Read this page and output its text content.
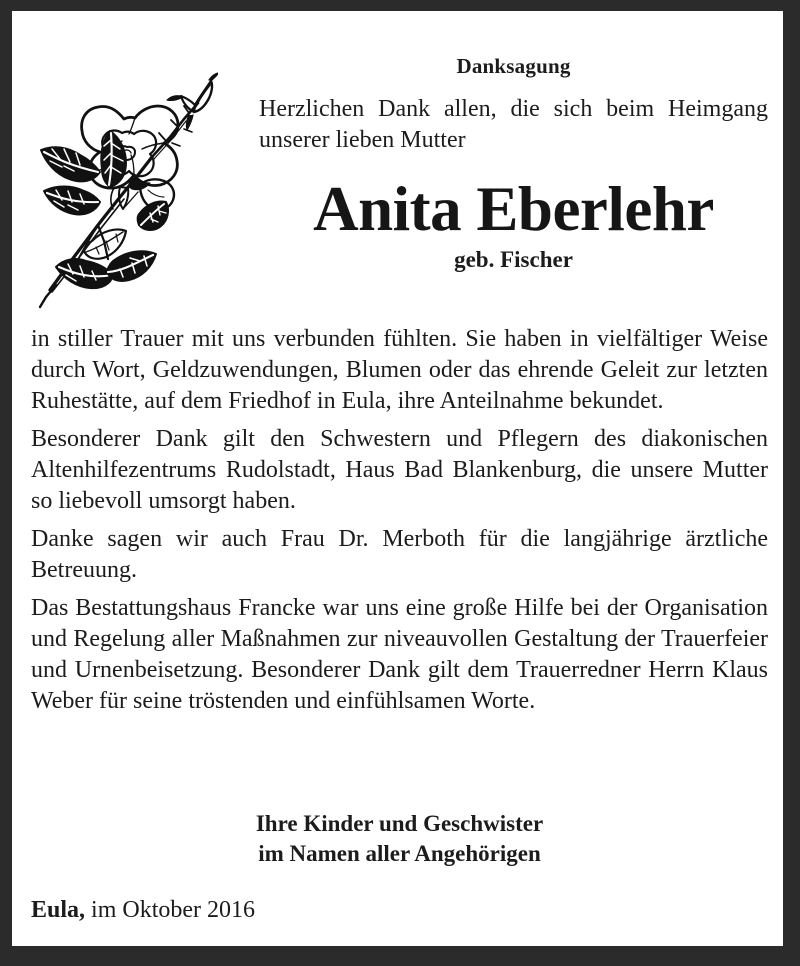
Danksagung
Herzlichen Dank allen, die sich beim Heimgang unserer lieben Mutter
Anita Eberlehr
geb. Fischer

in stiller Trauer mit uns verbunden fühlten. Sie haben in vielfältiger Weise durch Wort, Geldzuwendungen, Blumen oder das ehrende Geleit zur letzten Ruhestätte, auf dem Friedhof in Eula, ihre Anteilnahme bekundet.

Besonderer Dank gilt den Schwestern und Pflegern des diakonischen Altenhilfezentrums Rudolstadt, Haus Bad Blankenburg, die unsere Mutter so liebevoll umsorgt haben.

Danke sagen wir auch Frau Dr. Merboth für die langjährige ärztliche Betreuung.

Das Bestattungshaus Francke war uns eine große Hilfe bei der Organisation und Regelung aller Maßnahmen zur niveauvollen Gestaltung der Trauerfeier und Urnenbeisetzung. Besonderer Dank gilt dem Trauerredner Herrn Klaus Weber für seine tröstenden und einfühlsamen Worte.

Ihre Kinder und Geschwister
im Namen aller Angehörigen
Eula, im Oktober 2016
